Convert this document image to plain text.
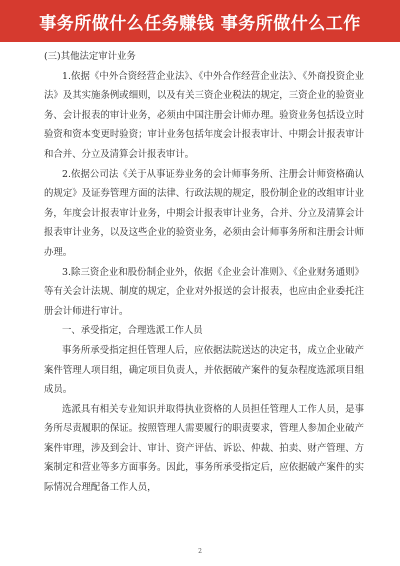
事务所做什么任务赚钱 事务所做什么工作

(三)其他法定审计业务

1.依据《中外合资经营企业法》、《中外合作经营企业法》、《外商投资企业法》及其实施条例或细则，以及有关三资企业税法的规定，三资企业的验资业务、会计报表的审计业务，必须由中国注册会计师办理。验资业务包括设立时验资和资本变更时验资；审计业务包括年度会计报表审计、中期会计报表审计和合并、分立及清算会计报表审计。

2.依据公司法《关于从事证券业务的会计师事务所、注册会计师资格确认的规定》及证券管理方面的法律、行政法规的规定，股份制企业的改组审计业务，年度会计报表审计业务，中期会计报表审计业务，合并、分立及清算会计报表审计业务，以及这些企业的验资业务，必须由会计师事务所和注册会计师办理。

3.除三资企业和股份制企业外，依据《企业会计准则》、《企业财务通则》等有关会计法规、制度的规定，企业对外报送的会计报表，也应由企业委托注册会计师进行审计。

一、承受指定，合理选派工作人员

事务所承受指定担任管理人后，应依据法院送达的决定书，成立企业破产案件管理人项目组，确定项目负责人，并依据破产案件的复杂程度选派项目组成员。

选派具有相关专业知识并取得执业资格的人员担任管理人工作人员，是事务所尽责履职的保证。按照管理人需要履行的职责要求，管理人参加企业破产案件审理，涉及到会计、审计、资产评估、诉讼、仲裁、拍卖、财产管理、方案制定和营业等多方面事务。因此，事务所承受指定后，应依据破产案件的实际情况合理配备工作人员，

2
